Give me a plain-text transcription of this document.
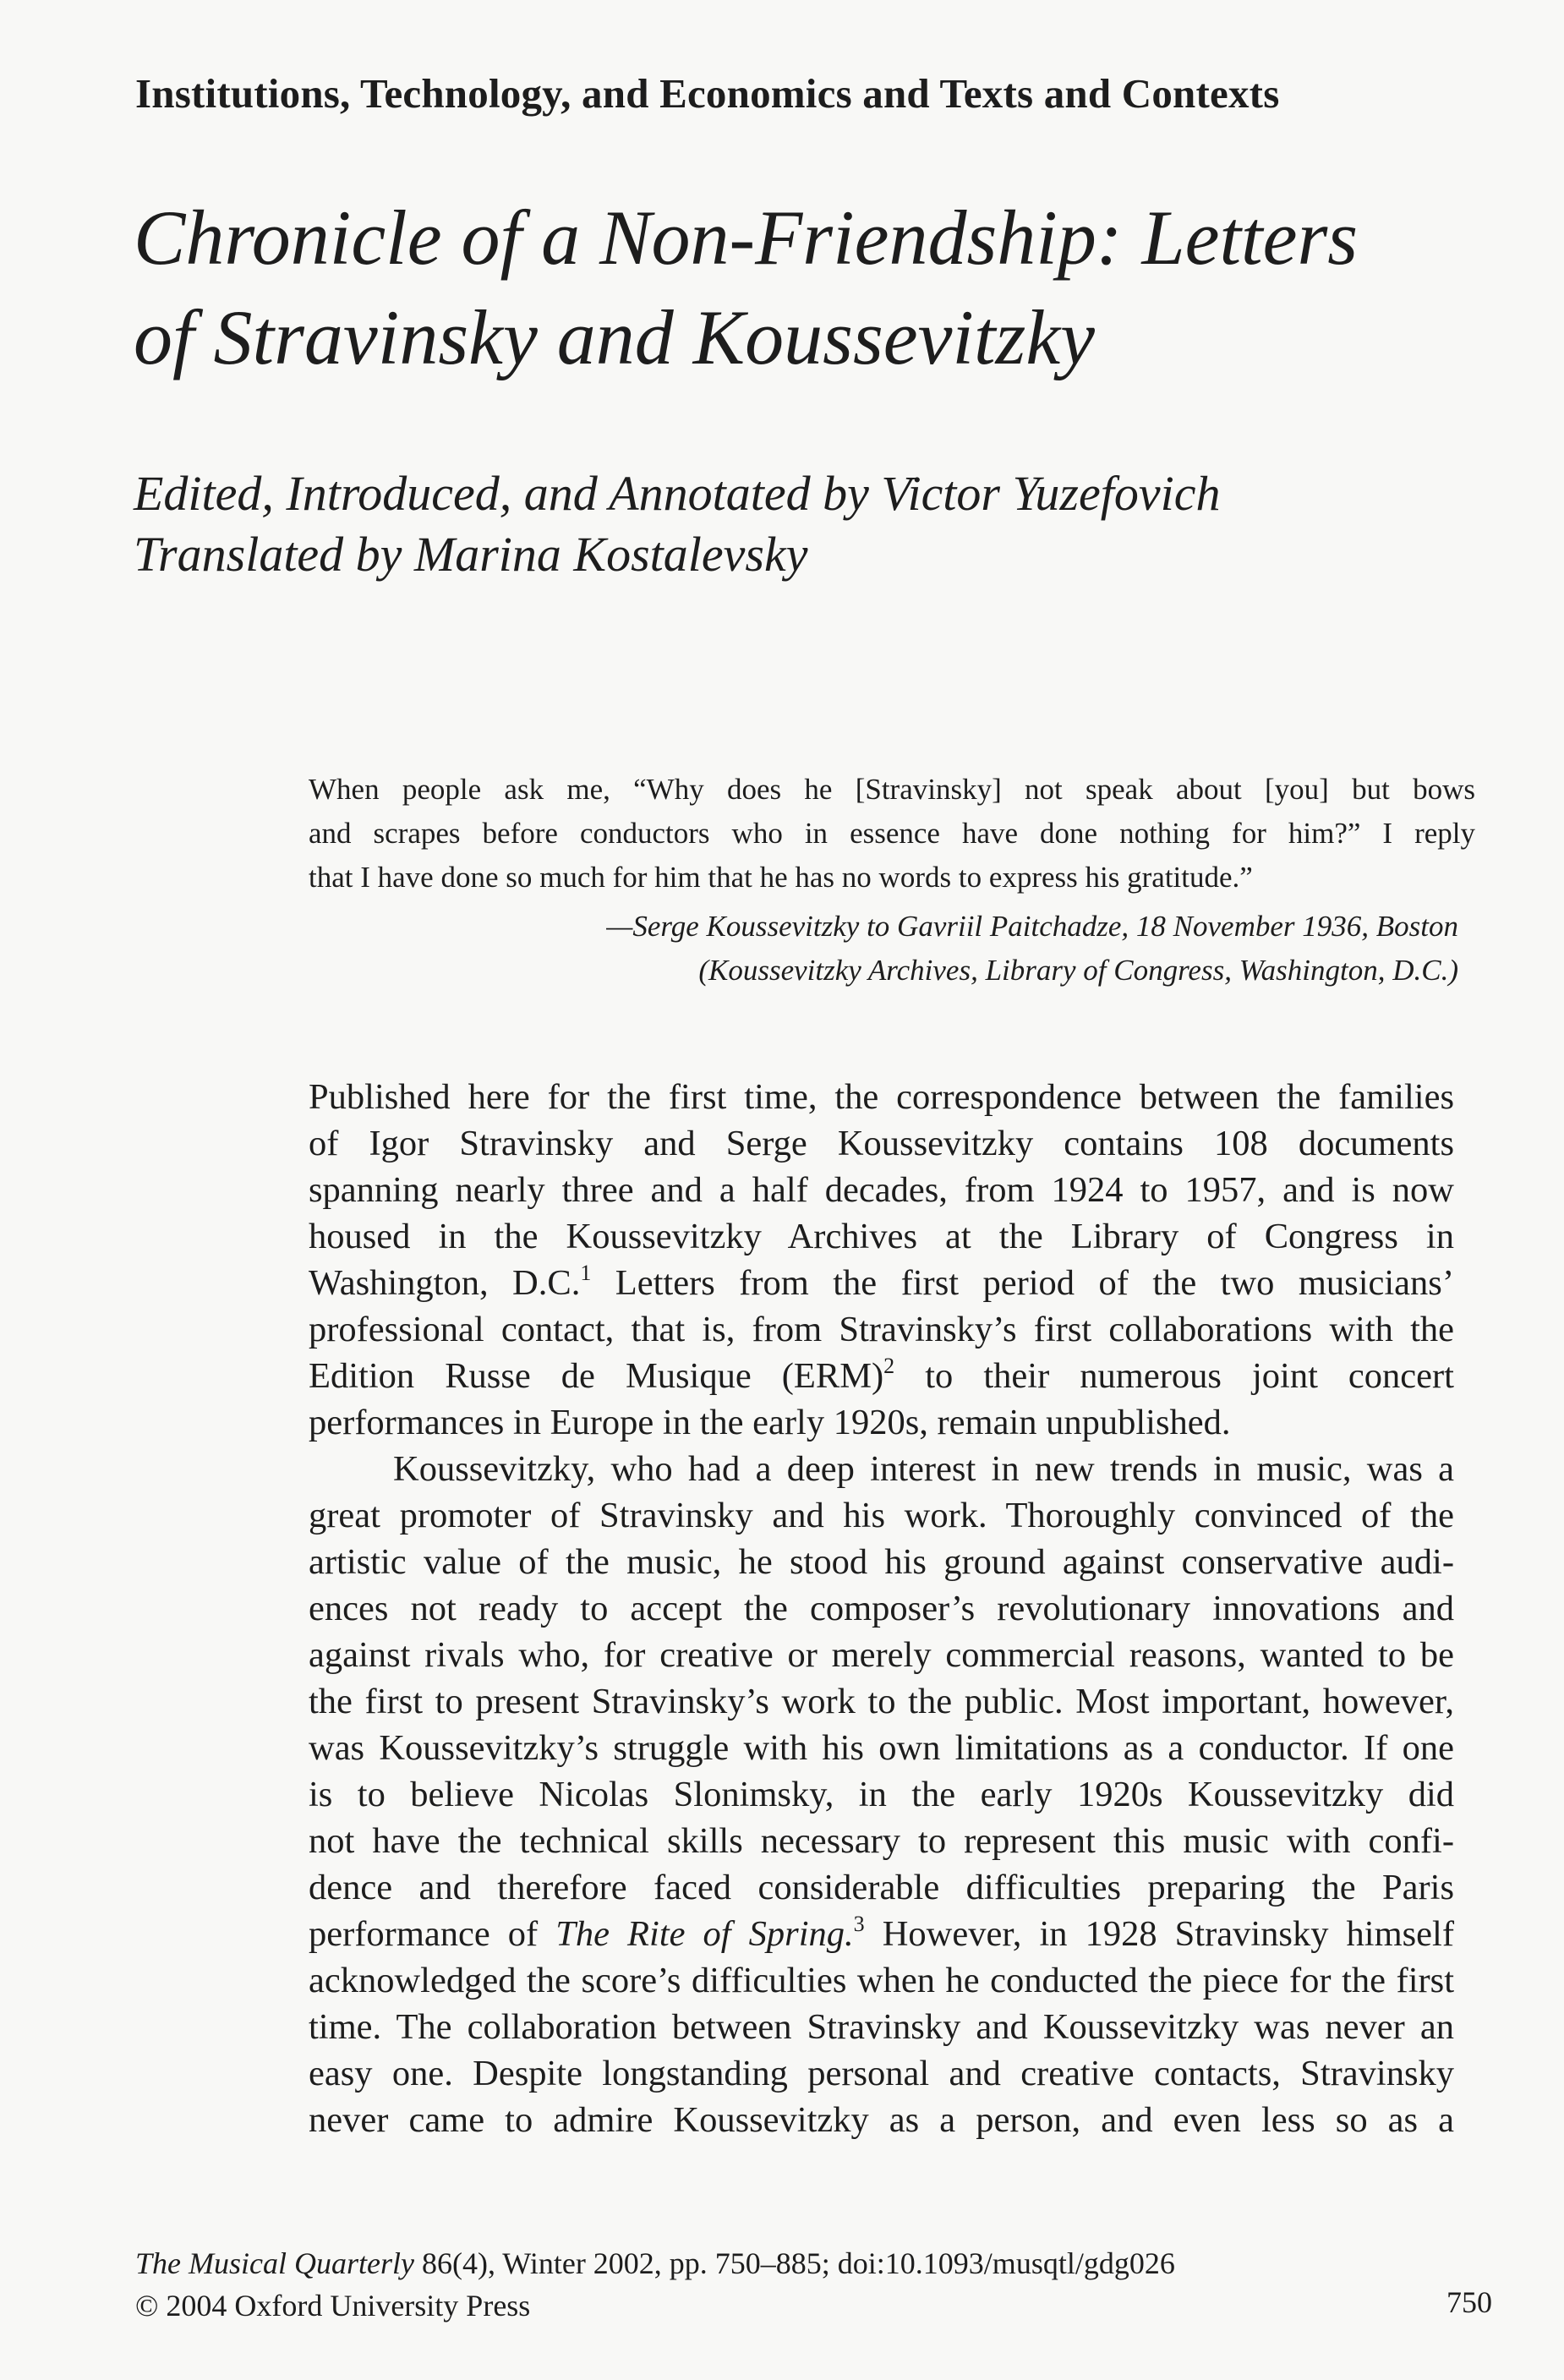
Institutions, Technology, and Economics and Texts and Contexts
Chronicle of a Non-Friendship: Letters
of Stravinsky and Koussevitzky
Edited, Introduced, and Annotated by Victor Yuzefovich
Translated by Marina Kostalevsky
When people ask me, “Why does he [Stravinsky] not speak about [you] but bows
and scrapes before conductors who in essence have done nothing for him?” I reply
that I have done so much for him that he has no words to express his gratitude.”
—Serge Koussevitzky to Gavriil Paitchadze, 18 November 1936, Boston
(Koussevitzky Archives, Library of Congress, Washington, D.C.)
Published here for the first time, the correspondence between the families
of Igor Stravinsky and Serge Koussevitzky contains 108 documents
spanning nearly three and a half decades, from 1924 to 1957, and is now
housed in the Koussevitzky Archives at the Library of Congress in
Washington, D.C.$^1$ Letters from the first period of the two musicians’
professional contact, that is, from Stravinsky’s first collaborations with the
Edition Russe de Musique (ERM)$^2$ to their numerous joint concert
performances in Europe in the early 1920s, remain unpublished.
Koussevitzky, who had a deep interest in new trends in music, was a
great promoter of Stravinsky and his work. Thoroughly convinced of the
artistic value of the music, he stood his ground against conservative audi-
ences not ready to accept the composer’s revolutionary innovations and
against rivals who, for creative or merely commercial reasons, wanted to be
the first to present Stravinsky’s work to the public. Most important, however,
was Koussevitzky’s struggle with his own limitations as a conductor. If one
is to believe Nicolas Slonimsky, in the early 1920s Koussevitzky did
not have the technical skills necessary to represent this music with confi-
dence and therefore faced considerable difficulties preparing the Paris
performance of The Rite of Spring.$^3$ However, in 1928 Stravinsky himself
acknowledged the score’s difficulties when he conducted the piece for the first
time. The collaboration between Stravinsky and Koussevitzky was never an
easy one. Despite longstanding personal and creative contacts, Stravinsky
never came to admire Koussevitzky as a person, and even less so as a
The Musical Quarterly 86(4), Winter 2002, pp. 750–885; doi:10.1093/musqtl/gdg026
© 2004 Oxford University Press	750
